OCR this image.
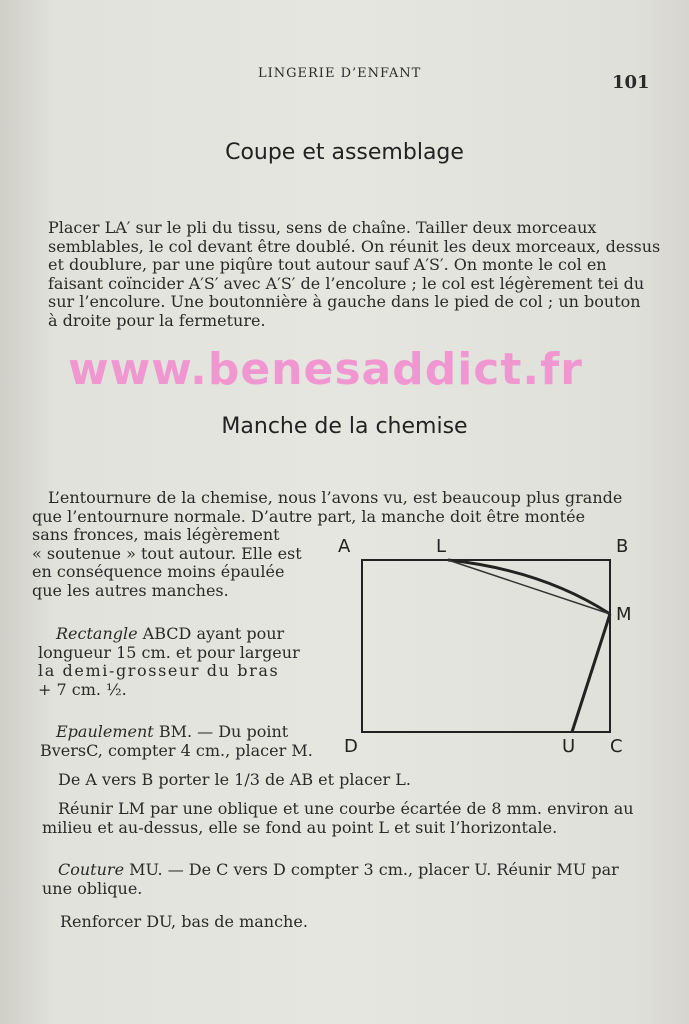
LINGERIE D’ENFANT	101
Coupe et assemblage
Placer LA′ sur le pli du tissu, sens de chaîne. Tailler deux morceaux
semblables, le col devant être doublé. On réunit les deux morceaux, dessus
et doublure, par une piqûre tout autour sauf A′S′. On monte le col en
faisant coïncider A′S′ avec A′S′ de l’encolure ; le col est légèrement tei du
sur l’encolure. Une boutonnière à gauche dans le pied de col ; un bouton
à droite pour la fermeture.
www.benesaddict.fr
Manche de la chemise
L’entournure de la chemise, nous l’avons vu, est beaucoup plus grande
que l’entournure normale. D’autre part, la manche doit être montée
sans fronces, mais légèrement
« soutenue » tout autour. Elle est
en conséquence moins épaulée
que les autres manches.
Rectangle ABCD ayant pour
longueur 15 cm. et pour largeur
la demi-grosseur du bras
+ 7 cm. ½.
Epaulement BM. — Du point
BversC, compter 4 cm., placer M.
De A vers B porter le 1/3 de AB et placer L.
Réunir LM par une oblique et une courbe écartée de 8 mm. environ au
milieu et au-dessus, elle se fond au point L et suit l’horizontale.
Couture MU. — De C vers D compter 3 cm., placer U. Réunir MU par
une oblique.
Renforcer DU, bas de manche.
A	L	B
M
D	U C
